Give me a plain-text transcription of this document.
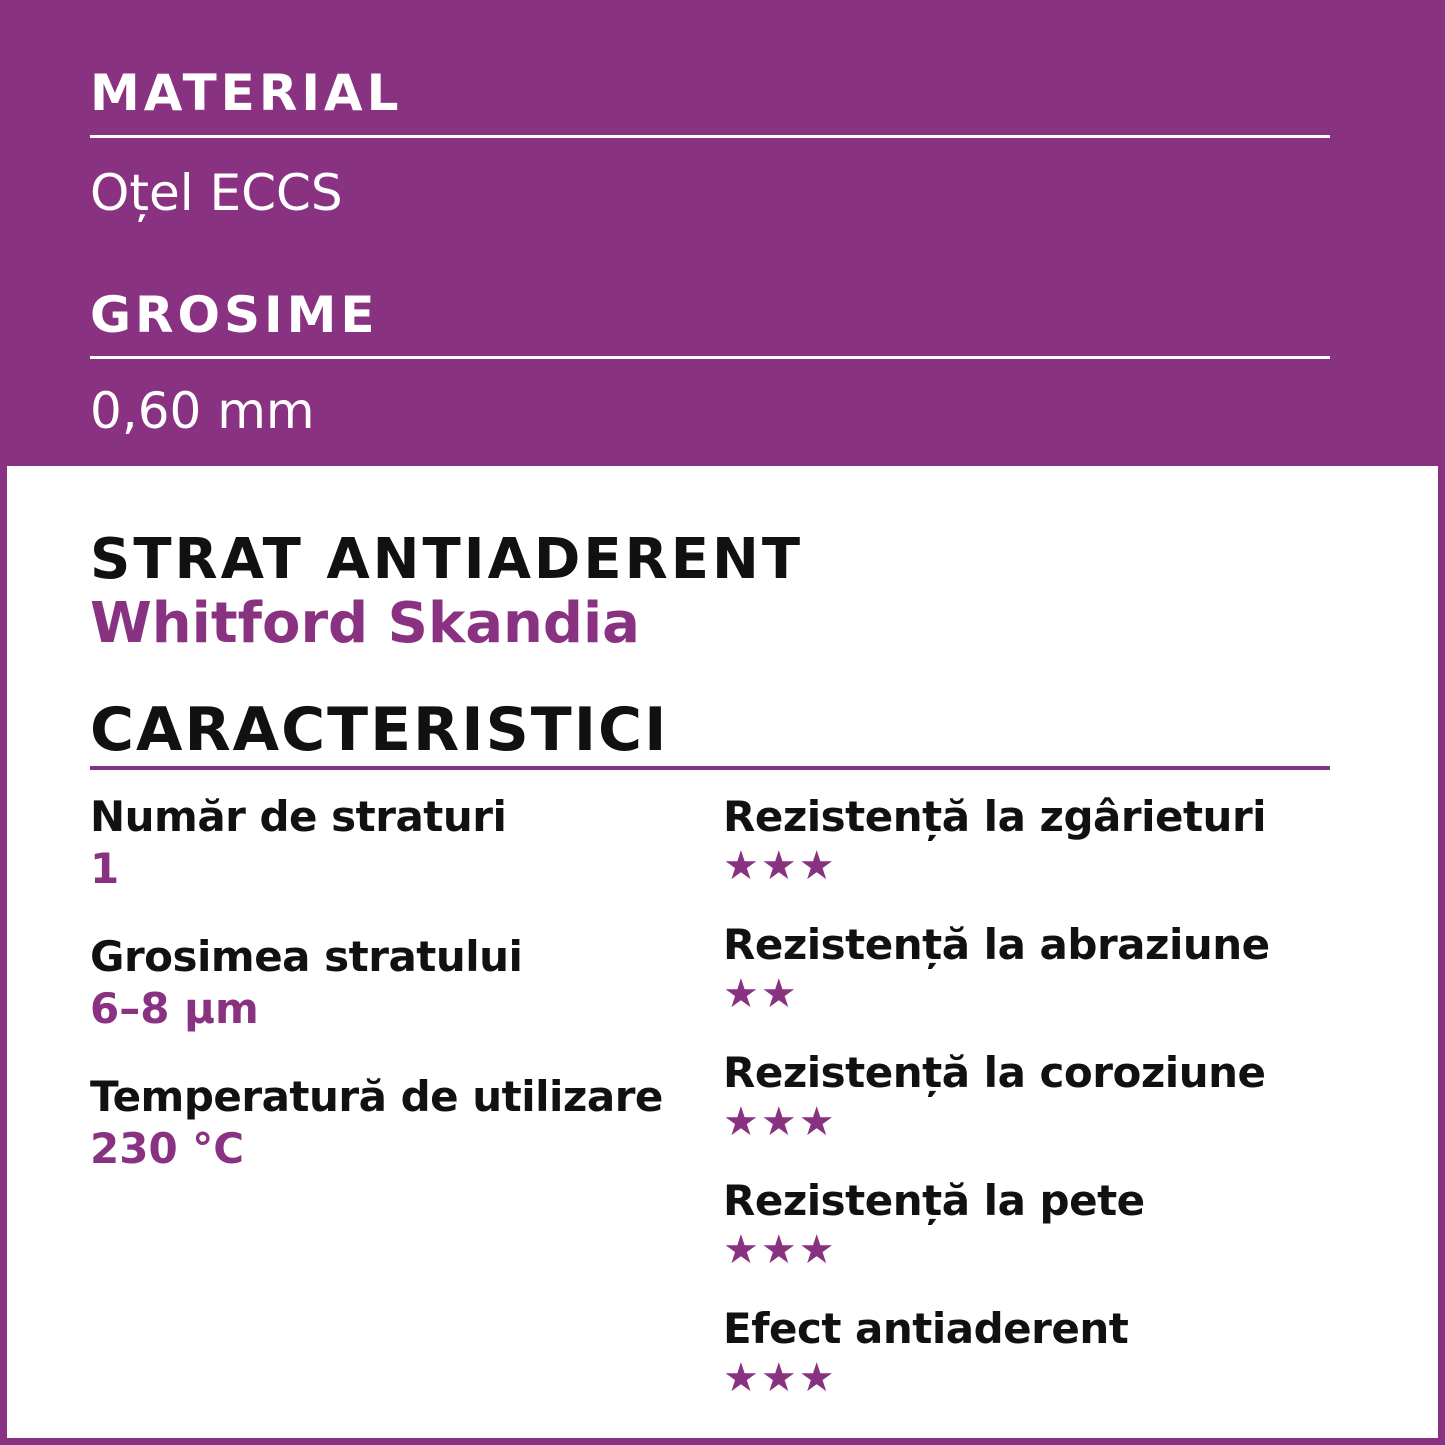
MATERIAL
Oțel ECCS
GROSIME
0,60 mm
STRAT ANTIADERENT
Whitford Skandia
CARACTERISTICI
Număr de straturi
1
Grosimea stratului
6–8 µm
Temperatură de utilizare
230 °C
Rezistență la zgârieturi
★★★
Rezistență la abraziune
★★
Rezistență la coroziune
★★★
Rezistență la pete
★★★
Efect antiaderent
★★★
